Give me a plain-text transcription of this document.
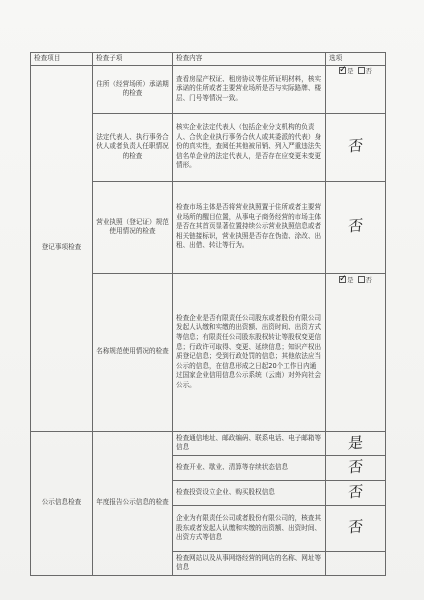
检查项目	检查子项	检查内容	选项
登记事项检查	住所（经营场所）承诺期的检查	查看房屋产权证、租房协议等住所证明材料，核实承诺的住所或者主要营业场所是否与实际路牌、楼层、门号等情况一致。	✓ 是 否
	法定代表人、执行事务合伙人或者负责人任职情况的检查	核实企业法定代表人（包括企业分支机构的负责人、合伙企业执行事务合伙人或其委派的代表）身份的真实性，查阅任其他被吊销、列入严重违法失信名单企业的法定代表人，是否存在应变更未变更情形。	否
	营业执照（登记证）规范使用情况的检查	检查市场主体是否将营业执照置于住所或者主要营业场所的醒目位置，从事电子商务经营的市场主体是否在其首页显著位置持续公示营业执照信息或者相关链接标识，营业执照是否存在伪造、涂改、出租、出借、转让等行为。	否
	名称规范使用情况的检查	检查企业是否有限责任公司股东或者股份有限公司发起人认缴和实缴的出资额、出资时间、出资方式等信息；有限责任公司股东股权转让等股权变更信息；行政许可取得、变更、延续信息；知识产权出质登记信息；受到行政处罚的信息；其他依法应当公示的信息，在信息形成之日起20个工作日内通过国家企业信用信息公示系统（云南）对外向社会公示。	✓ 是 否
公示信息检查	年度报告公示信息的检查	检查通信地址、邮政编码、联系电话、电子邮箱等信息	是
		检查开业、歇业、清算等存续状态信息	否
		检查投资设立企业、购买股权信息	否
		企业为有限责任公司或者股份有限公司的，核查其股东或者发起人认缴和实缴的出资额、出资时间、出资方式等信息	否
		检查网站以及从事网络经营的网店的名称、网址等信息	
